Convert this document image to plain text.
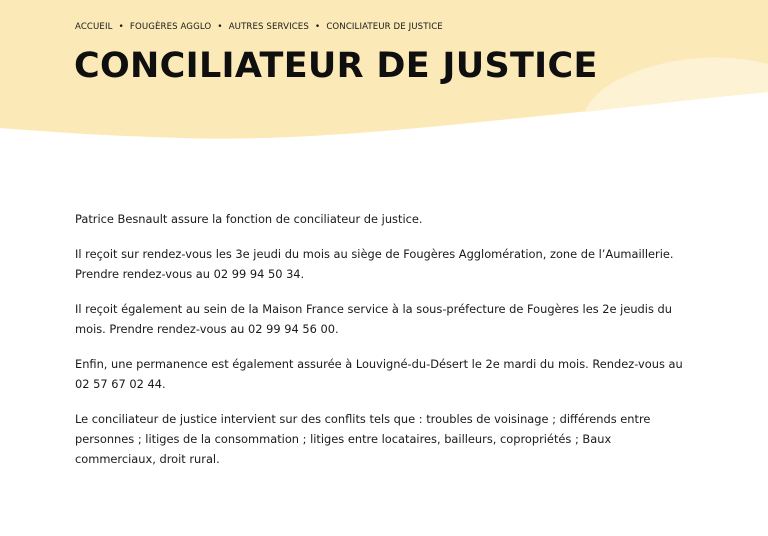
ACCUEIL • FOUGÈRES AGGLO • AUTRES SERVICES • CONCILIATEUR DE JUSTICE
CONCILIATEUR DE JUSTICE

Patrice Besnault assure la fonction de conciliateur de justice.

Il reçoit sur rendez-vous les 3e jeudi du mois au siège de Fougères Agglomération, zone de l’Aumaillerie. Prendre rendez-vous au 02 99 94 50 34.

Il reçoit également au sein de la Maison France service à la sous-préfecture de Fougères les 2e jeudis du mois. Prendre rendez-vous au 02 99 94 56 00.

Enfin, une permanence est également assurée à Louvigné-du-Désert le 2e mardi du mois. Rendez-vous au 02 57 67 02 44.

Le conciliateur de justice intervient sur des conflits tels que : troubles de voisinage ; différends entre personnes ; litiges de la consommation ; litiges entre locataires, bailleurs, copropriétés ; Baux commerciaux, droit rural.
